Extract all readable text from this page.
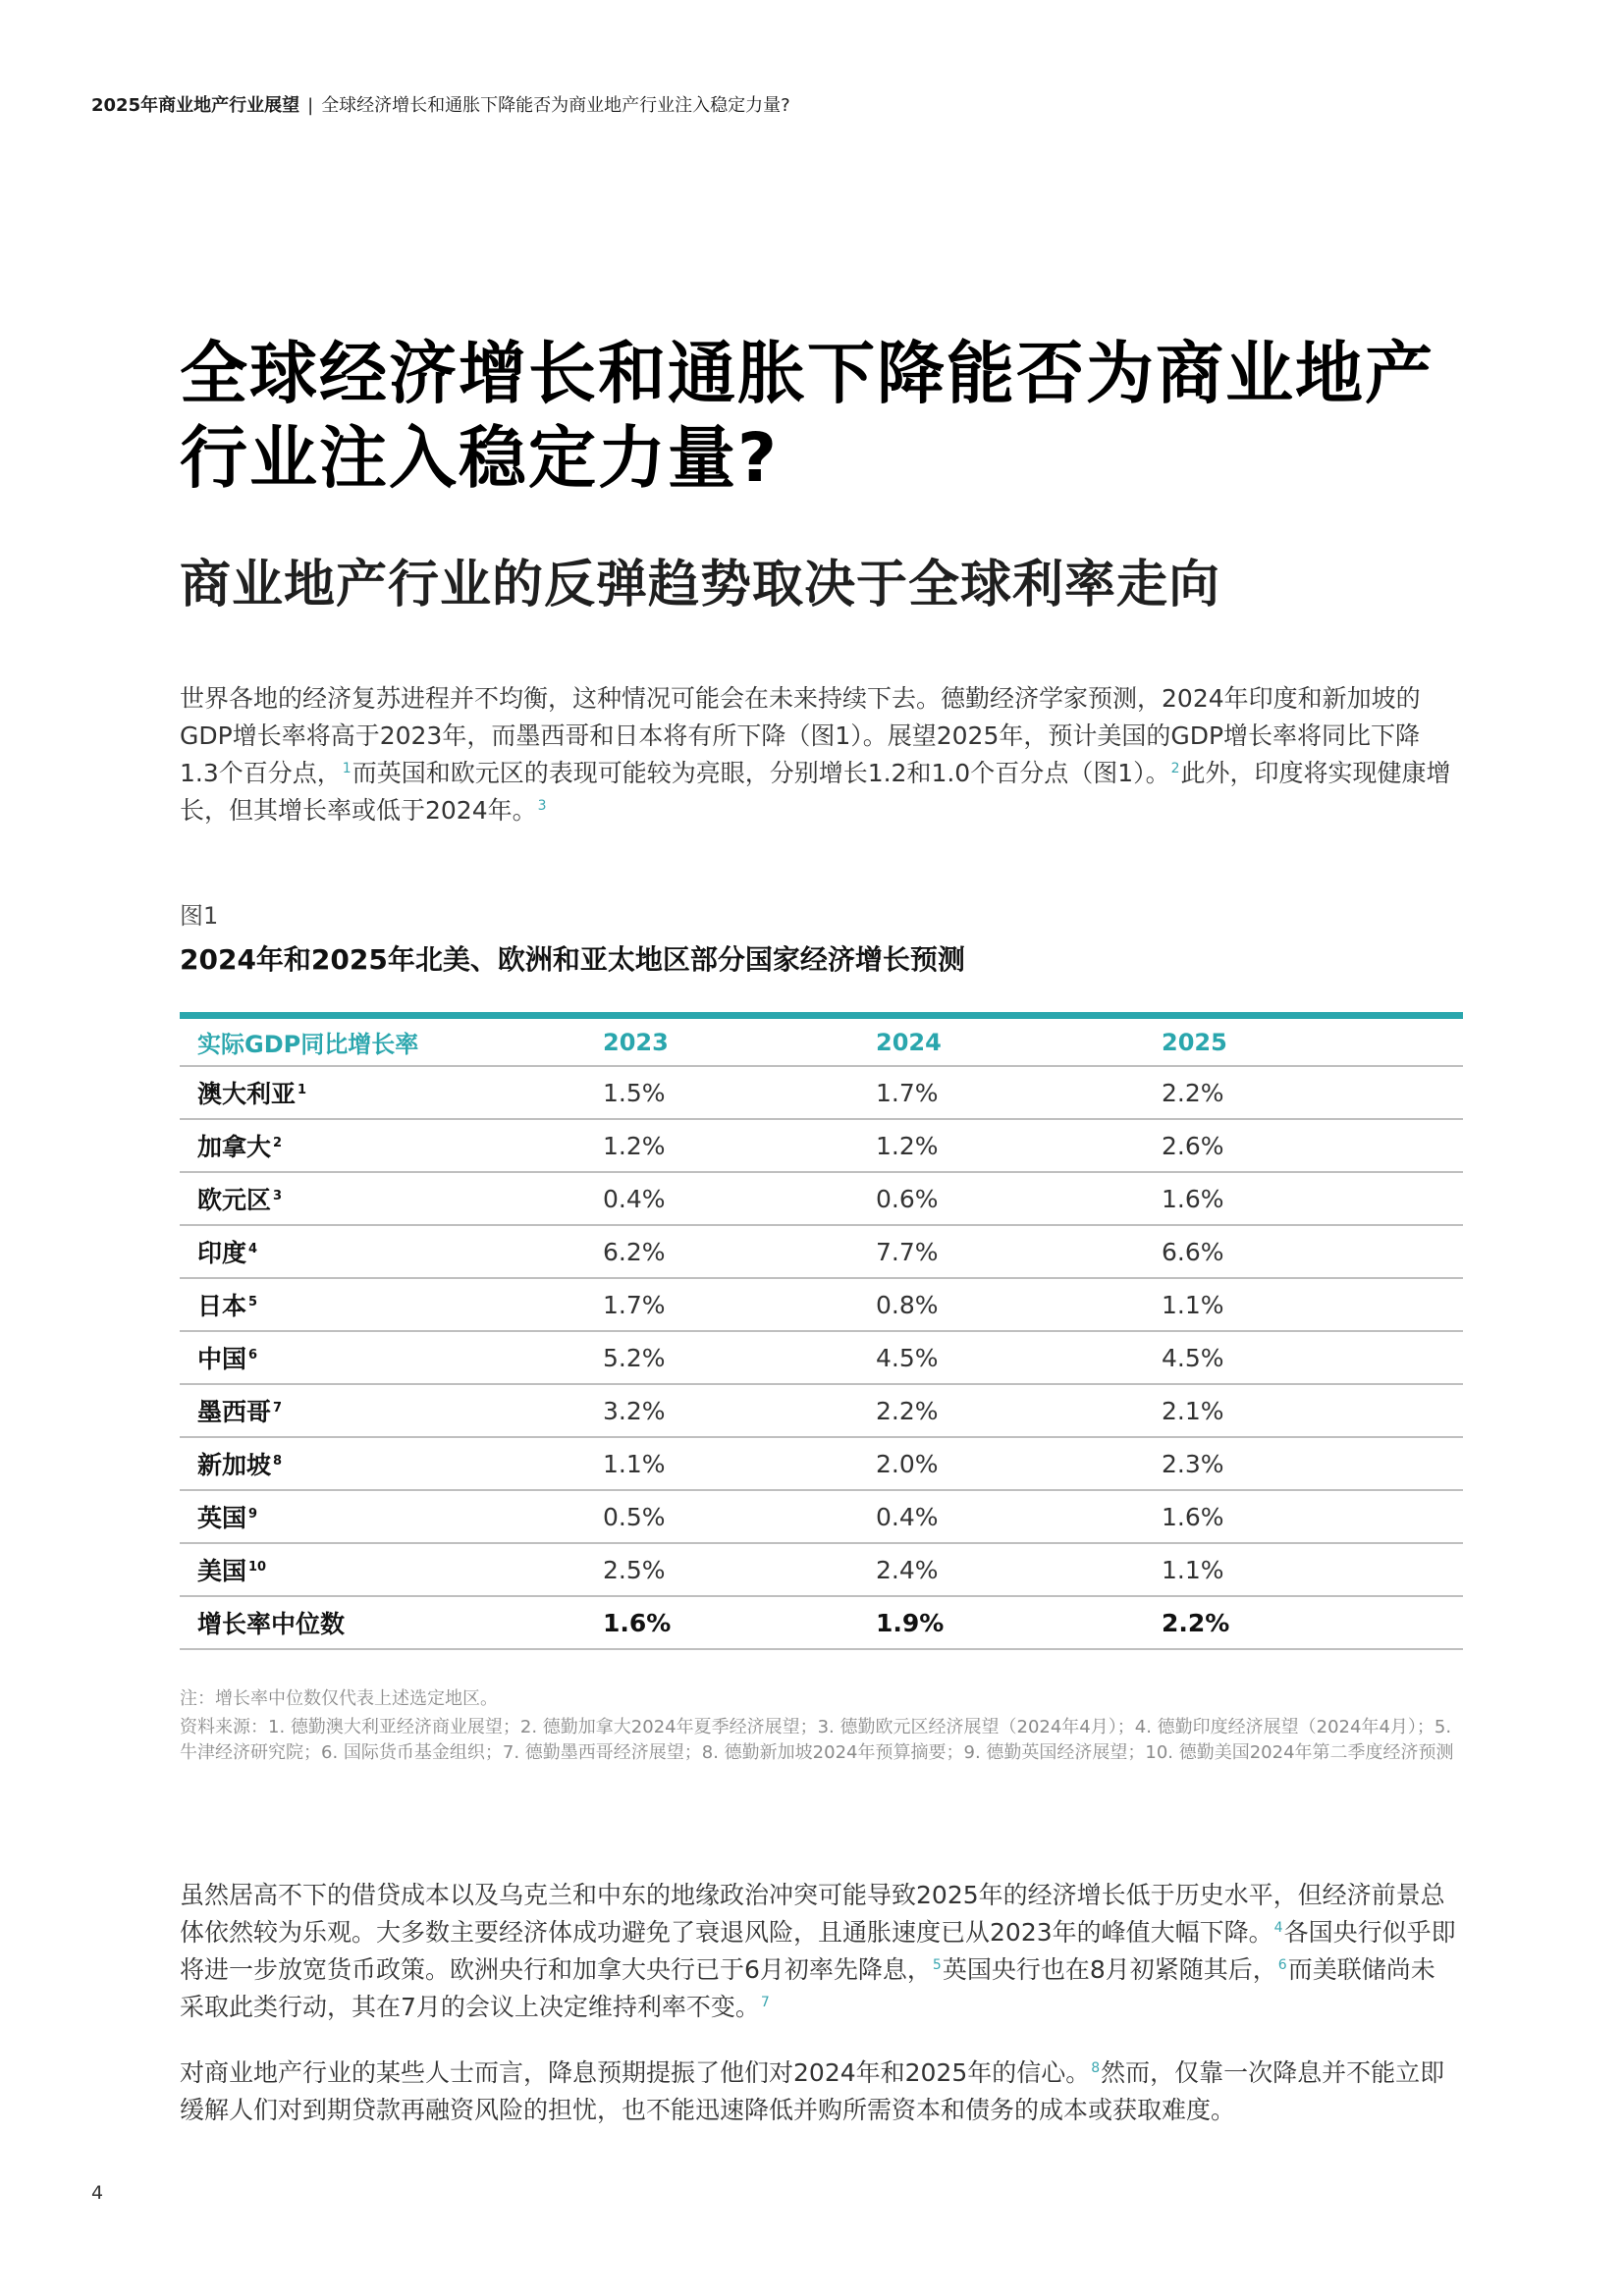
2025年商业地产行业展望 | 全球经济增长和通胀下降能否为商业地产行业注入稳定力量?
全球经济增长和通胀下降能否为商业地产行业注入稳定力量?
商业地产行业的反弹趋势取决于全球利率走向

世界各地的经济复苏进程并不均衡，这种情况可能会在未来持续下去。德勤经济学家预测，2024年印度和新加坡的GDP增长率将高于2023年，而墨西哥和日本将有所下降（图1）。展望2025年，预计美国的GDP增长率将同比下降1.3个百分点，$^1$而英国和欧元区的表现可能较为亮眼，分别增长1.2和1.0个百分点（图1）。$^2$此外，印度将实现健康增长，但其增长率或低于2024年。$^3$

图1
2024年和2025年北美、欧洲和亚太地区部分国家经济增长预测
实际GDP同比增长率	2023	2024	2025
澳大利亚 $^1$	1.5%	1.7%	2.2%
加拿大 $^2$	1.2%	1.2%	2.6%
欧元区 $^3$	0.4%	0.6%	1.6%
印度 $^4$	6.2%	7.7%	6.6%
日本 $^5$	1.7%	0.8%	1.1%
中国 $^6$	5.2%	4.5%	4.5%
墨西哥 $^7$	3.2%	2.2%	2.1%
新加坡 $^8$	1.1%	2.0%	2.3%
英国 $^9$	0.5%	0.4%	1.6%
美国 $^{10}$	2.5%	2.4%	1.1%
增长率中位数	1.6%	1.9%	2.2%
注：增长率中位数仅代表上述选定地区。

资料来源：1. 德勤澳大利亚经济商业展望；2. 德勤加拿大2024年夏季经济展望；3. 德勤欧元区经济展望（2024年4月）；4. 德勤印度经济展望（2024年4月）；5. 牛津经济研究院；6. 国际货币基金组织；7. 德勤墨西哥经济展望；8. 德勤新加坡2024年预算摘要；9. 德勤英国经济展望；10. 德勤美国2024年第二季度经济预测

虽然居高不下的借贷成本以及乌克兰和中东的地缘政治冲突可能导致2025年的经济增长低于历史水平，但经济前景总体依然较为乐观。大多数主要经济体成功避免了衰退风险，且通胀速度已从2023年的峰值大幅下降。$^4$各国央行似乎即将进一步放宽货币政策。欧洲央行和加拿大央行已于6月初率先降息，$^5$英国央行也在8月初紧随其后，$^6$而美联储尚未采取此类行动，其在7月的会议上决定维持利率不变。$^7$

对商业地产行业的某些人士而言，降息预期提振了他们对2024年和2025年的信心。$^8$然而，仅靠一次降息并不能立即缓解人们对到期贷款再融资风险的担忧，也不能迅速降低并购所需资本和债务的成本或获取难度。

4
